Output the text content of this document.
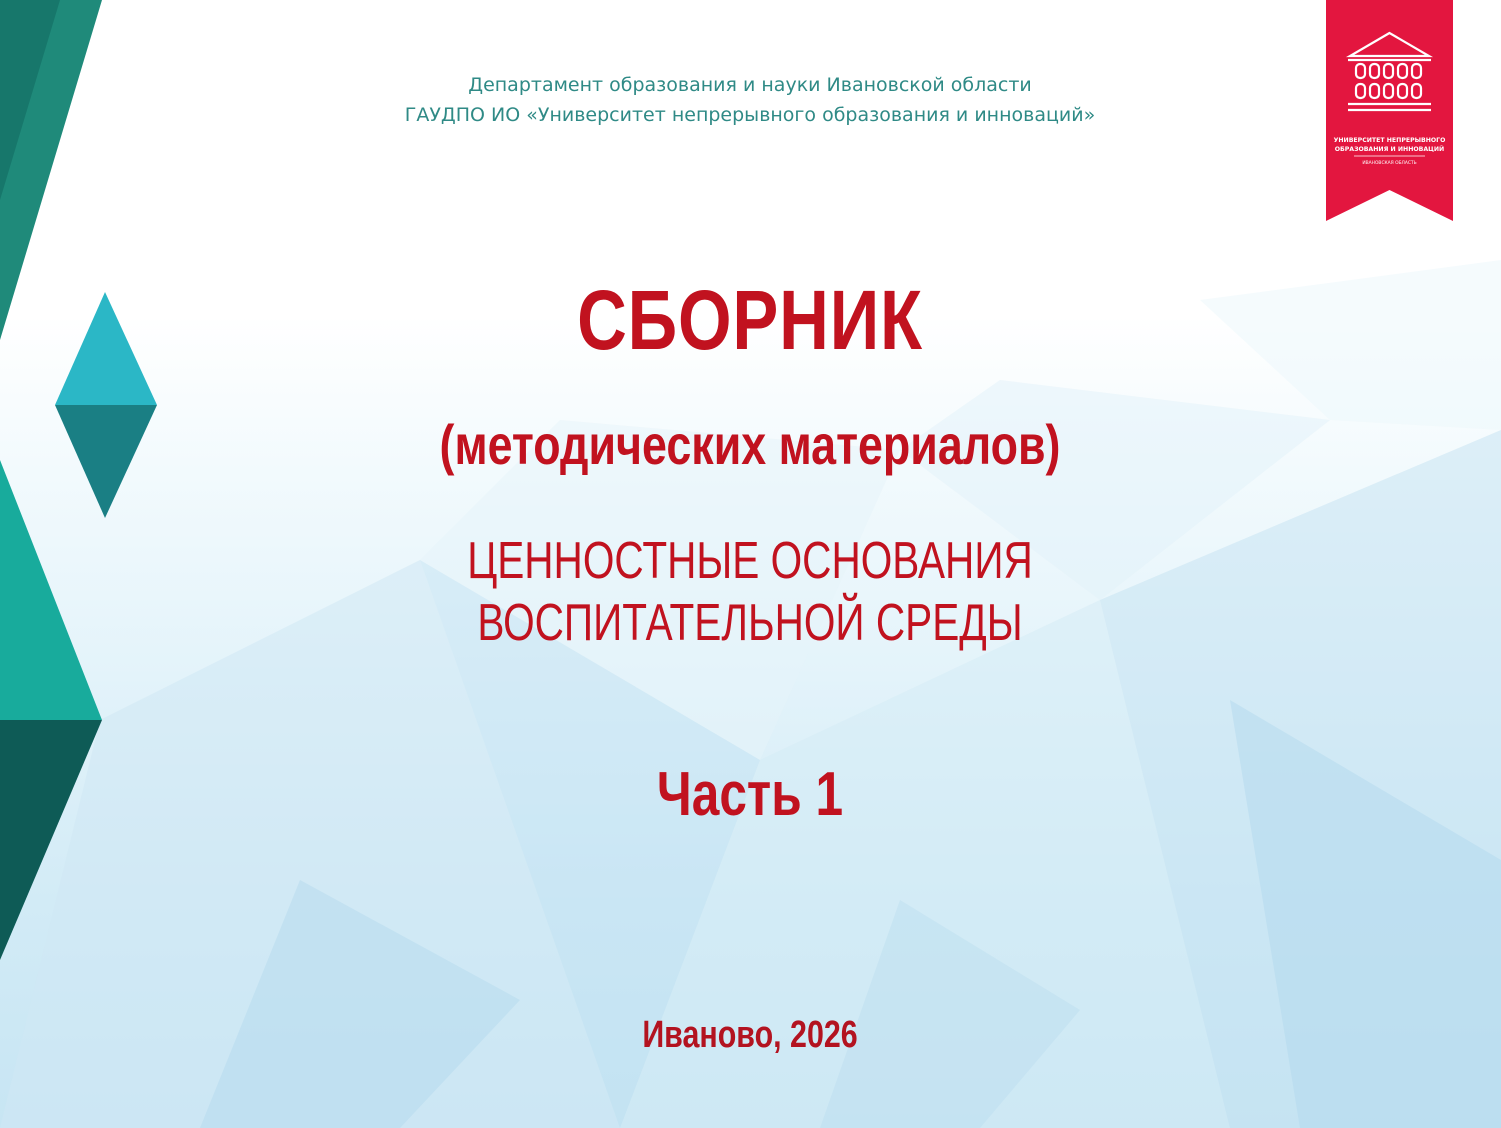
Департамент образования и науки Ивановской области
ГАУДПО ИО «Университет непрерывного образования и инноваций»
УНИВЕРСИТЕТ НЕПРЕРЫВНОГО
ОБРАЗОВАНИЯ И ИННОВАЦИЙ
ИВАНОВСКАЯ ОБЛАСТЬ
СБОРНИК
(методических материалов)
ЦЕННОСТНЫЕ ОСНОВАНИЯ
ВОСПИТАТЕЛЬНОЙ СРЕДЫ
Часть 1
Иваново, 2026
